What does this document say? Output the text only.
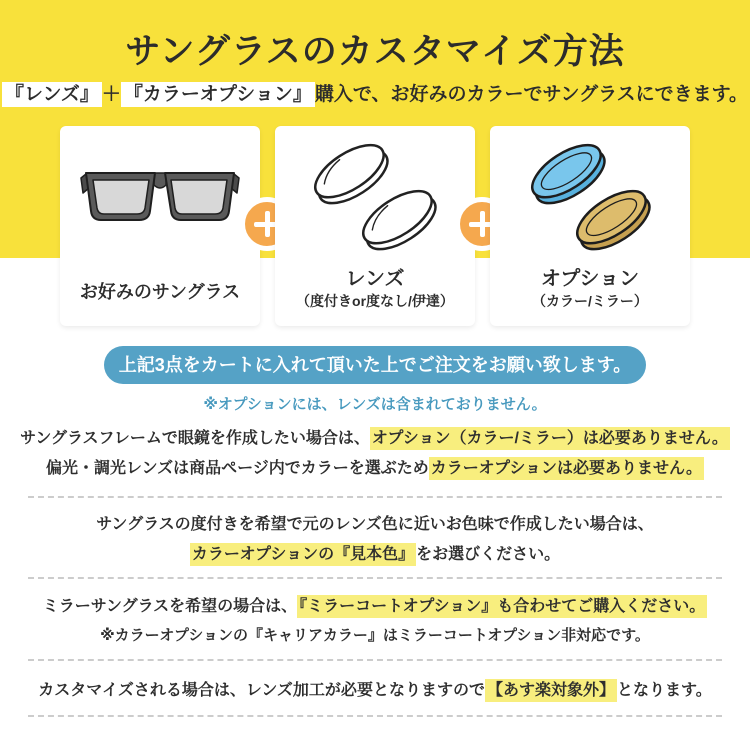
サングラスのカスタマイズ方法
『レンズ』 ＋ 『カラーオプション』 購入で、お好みのカラーでサングラスにできます。
お好みのサングラス
レンズ
（度付きor度なし/伊達）
オプション
（カラー/ミラー）
上記3点をカートに入れて頂いた上でご注文をお願い致します。
※オプションには、レンズは含まれておりません。
サングラスフレームで眼鏡を作成したい場合は、 オプション（カラー/ミラー）は必要ありません。
偏光・調光レンズは商品ページ内でカラーを選ぶため カラーオプションは必要ありません。
サングラスの度付きを希望で元のレンズ色に近いお色味で作成したい場合は、
カラーオプションの『見本色』 をお選びください。
ミラーサングラスを希望の場合は、 『ミラーコートオプション』も合わせてご購入ください。
※カラーオプションの『キャリアカラー』はミラーコートオプション非対応です。
カスタマイズされる場合は、レンズ加工が必要となりますので 【あす楽対象外】 となります。
